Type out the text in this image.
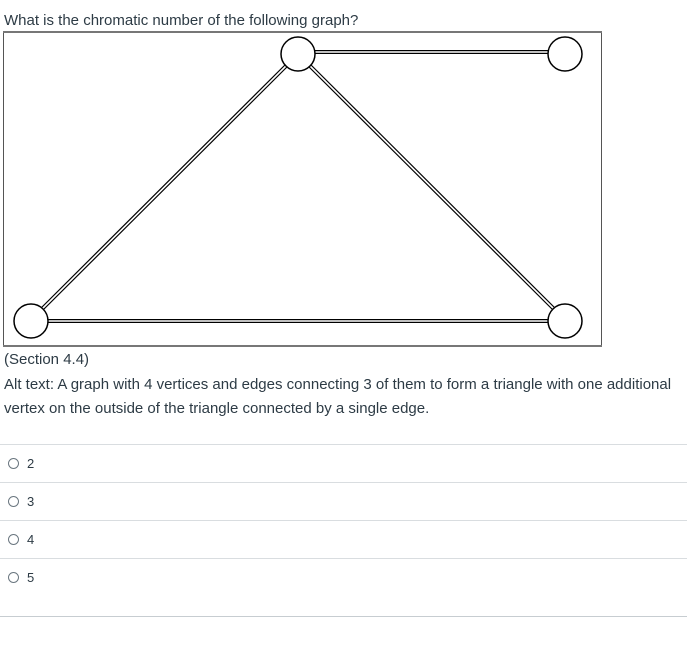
What is the chromatic number of the following graph?
(Section 4.4)
Alt text: A graph with 4 vertices and edges connecting 3 of them to form a triangle with one additional vertex on the outside of the triangle connected by a single edge.
2
3
4
5
